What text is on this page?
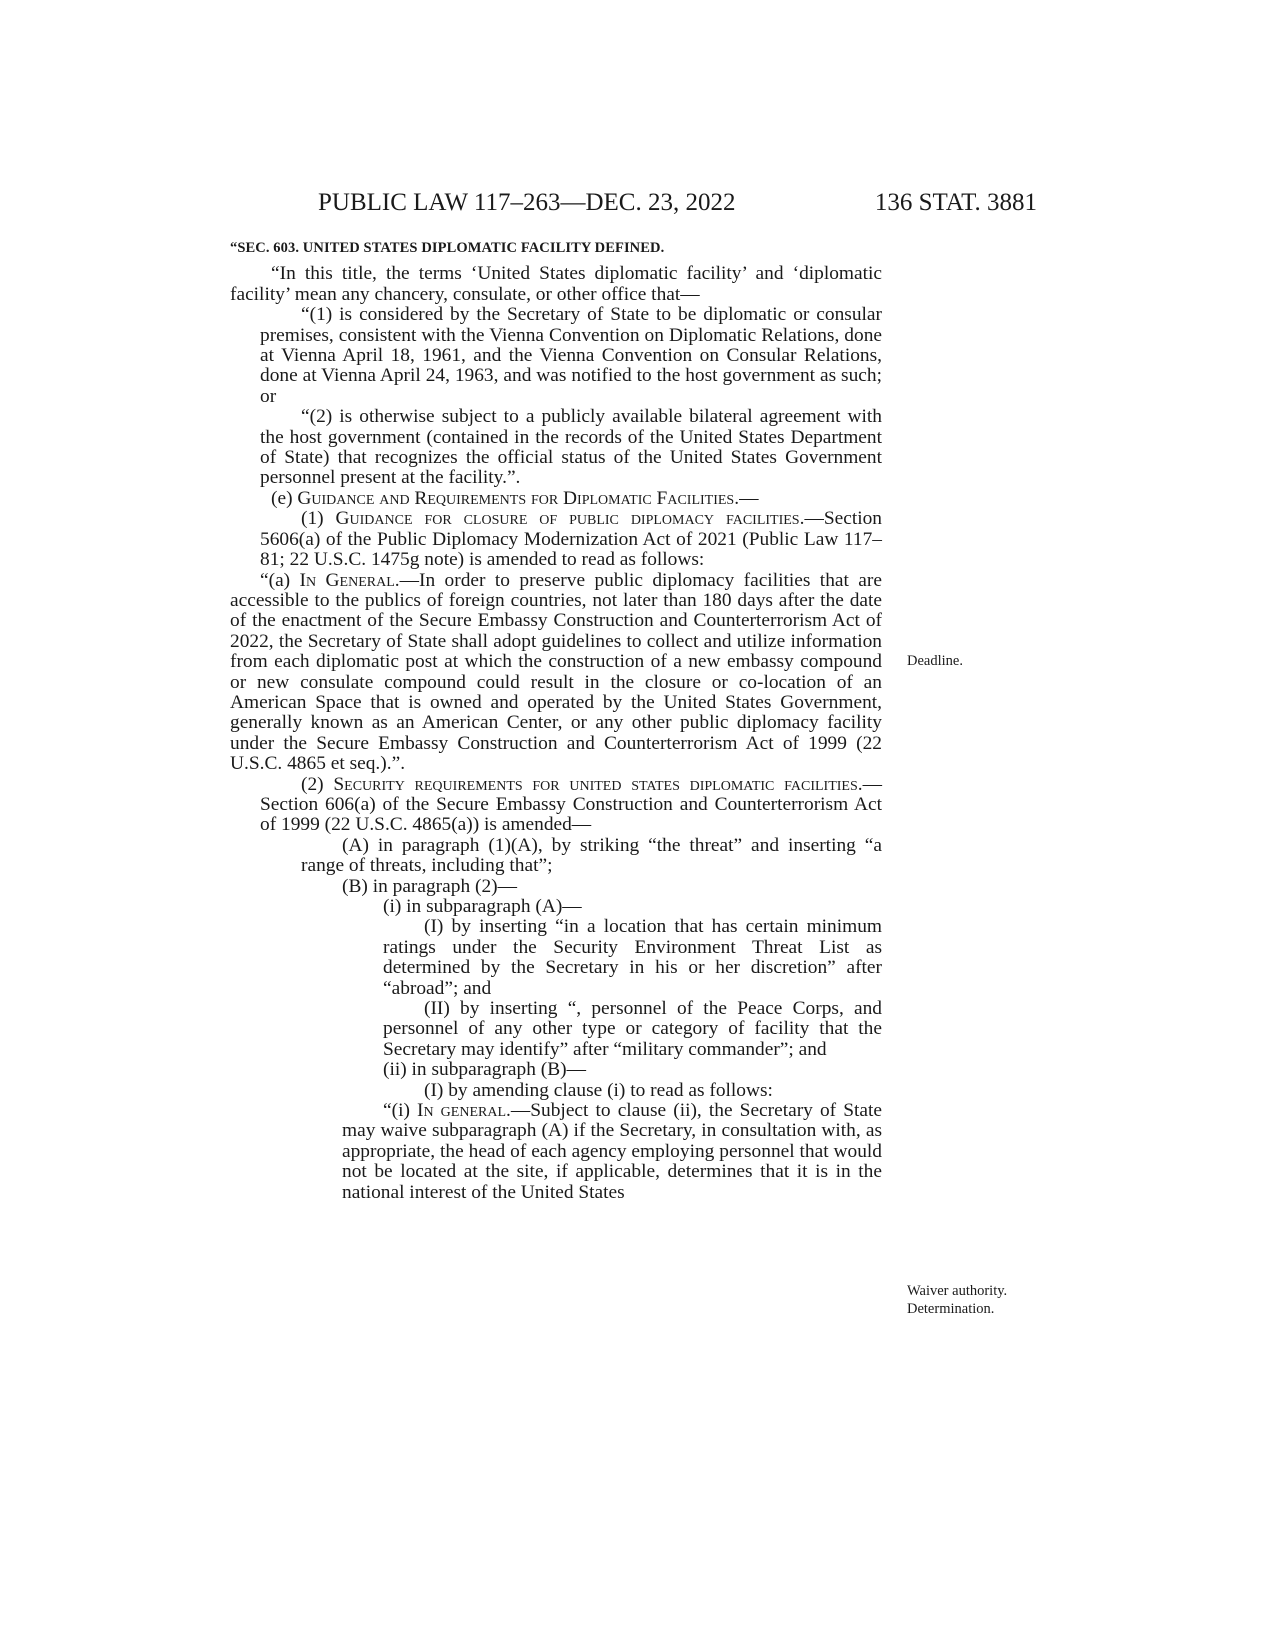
PUBLIC LAW 117–263—DEC. 23, 2022	136 STAT. 3881

“SEC. 603. UNITED STATES DIPLOMATIC FACILITY DEFINED.

“In this title, the terms ‘United States diplomatic facility’ and ‘diplomatic facility’ mean any chancery, consulate, or other office that—

“(1) is considered by the Secretary of State to be diplomatic or consular premises, consistent with the Vienna Convention on Diplomatic Relations, done at Vienna April 18, 1961, and the Vienna Convention on Consular Relations, done at Vienna April 24, 1963, and was notified to the host government as such; or

“(2) is otherwise subject to a publicly available bilateral agreement with the host government (contained in the records of the United States Department of State) that recognizes the official status of the United States Government personnel present at the facility.”.

(e) Guidance and Requirements for Diplomatic Facilities.—

(1) Guidance for closure of public diplomacy facilities.—Section 5606(a) of the Public Diplomacy Modernization Act of 2021 (Public Law 117–81; 22 U.S.C. 1475g note) is amended to read as follows:

“(a) In General.—In order to preserve public diplomacy facilities that are accessible to the publics of foreign countries, not later than 180 days after the date of the enactment of the Secure Embassy Construction and Counterterrorism Act of 2022, the Secretary of State shall adopt guidelines to collect and utilize information from each diplomatic post at which the construction of a new embassy compound or new consulate compound could result in the closure or co-location of an American Space that is owned and operated by the United States Government, generally known as an American Center, or any other public diplomacy facility under the Secure Embassy Construction and Counterterrorism Act of 1999 (22 U.S.C. 4865 et seq.).”.

(2) Security requirements for united states diplomatic facilities.—Section 606(a) of the Secure Embassy Construction and Counterterrorism Act of 1999 (22 U.S.C. 4865(a)) is amended—

(A) in paragraph (1)(A), by striking “the threat” and inserting “a range of threats, including that”;

(B) in paragraph (2)—

(i) in subparagraph (A)—

(I) by inserting “in a location that has certain minimum ratings under the Security Environment Threat List as determined by the Secretary in his or her discretion” after “abroad”; and

(II) by inserting “, personnel of the Peace Corps, and personnel of any other type or category of facility that the Secretary may identify” after “military commander”; and

(ii) in subparagraph (B)—

(I) by amending clause (i) to read as follows:

“(i) In general.—Subject to clause (ii), the Secretary of State may waive subparagraph (A) if the Secretary, in consultation with, as appropriate, the head of each agency employing personnel that would not be located at the site, if applicable, determines that it is in the national interest of the United States

Deadline.
Waiver authority.
Determination.
